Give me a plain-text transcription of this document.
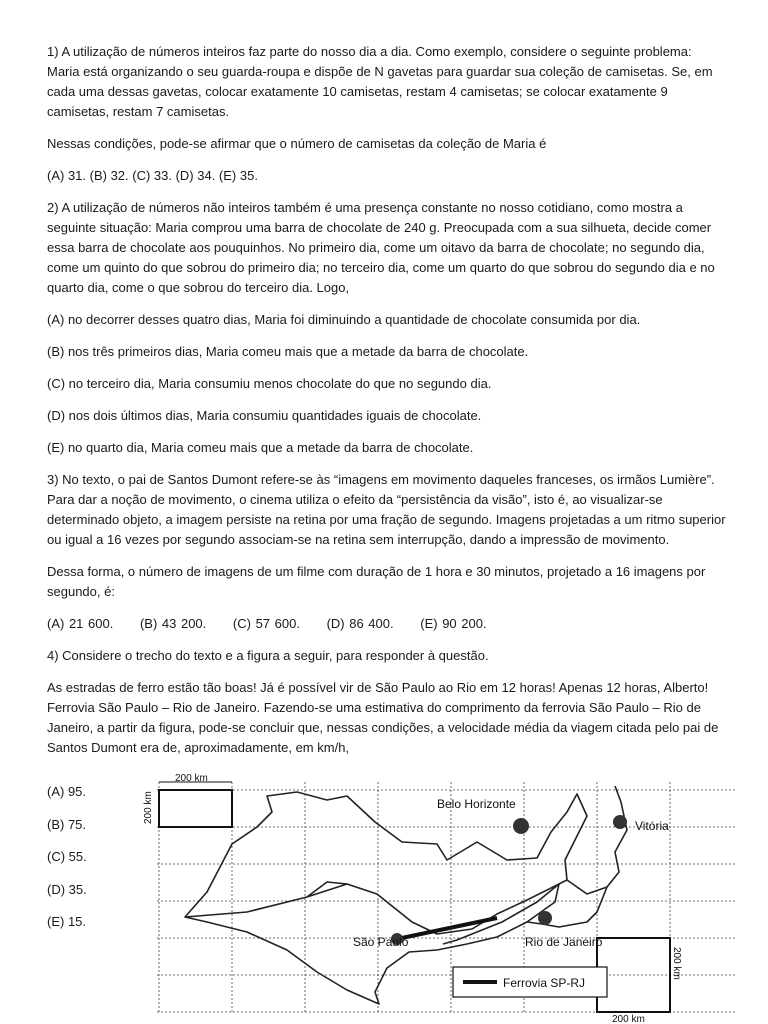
1) A utilização de números inteiros faz parte do nosso dia a dia. Como exemplo, considere o seguinte problema: Maria está organizando o seu guarda-roupa e dispõe de N gavetas para guardar sua coleção de camisetas. Se, em cada uma dessas gavetas, colocar exatamente 10 camisetas, restam 4 camisetas; se colocar exatamente 9 camisetas, restam 7 camisetas.

Nessas condições, pode-se afirmar que o número de camisetas da coleção de Maria é

(A) 31. (B) 32. (C) 33. (D) 34. (E) 35.

2) A utilização de números não inteiros também é uma presença constante no nosso cotidiano, como mostra a seguinte situação: Maria comprou uma barra de chocolate de 240 g. Preocupada com a sua silhueta, decide comer essa barra de chocolate aos pouquinhos. No primeiro dia, come um oitavo da barra de chocolate; no segundo dia, come um quinto do que sobrou do primeiro dia; no terceiro dia, come um quarto do que sobrou do segundo dia e no quarto dia, come o que sobrou do terceiro dia. Logo,

(A) no decorrer desses quatro dias, Maria foi diminuindo a quantidade de chocolate consumida por dia.

(B) nos três primeiros dias, Maria comeu mais que a metade da barra de chocolate.

(C) no terceiro dia, Maria consumiu menos chocolate do que no segundo dia.

(D) nos dois últimos dias, Maria consumiu quantidades iguais de chocolate.

(E) no quarto dia, Maria comeu mais que a metade da barra de chocolate.

3) No texto, o pai de Santos Dumont refere-se às “imagens em movimento daqueles franceses, os irmãos Lumière”. Para dar a noção de movimento, o cinema utiliza o efeito da “persistência da visão”, isto é, ao visualizar-se determinado objeto, a imagem persiste na retina por uma fração de segundo. Imagens projetadas a um ritmo superior ou igual a 16 vezes por segundo associam-se na retina sem interrupção, dando a impressão de movimento.

Dessa forma, o número de imagens de um filme com duração de 1 hora e 30 minutos, projetado a 16 imagens por segundo, é:

(A) 21 600. (B) 43 200. (C) 57 600. (D) 86 400. (E) 90 200.

4) Considere o trecho do texto e a figura a seguir, para responder à questão.

As estradas de ferro estão tão boas! Já é possível vir de São Paulo ao Rio em 12 horas! Apenas 12 horas, Alberto! Ferrovia São Paulo – Rio de Janeiro. Fazendo-se uma estimativa do comprimento da ferrovia São Paulo – Rio de Janeiro, a partir da figura, pode-se concluir que, nessas condições, a velocidade média da viagem citada pelo pai de Santos Dumont era de, aproximadamente, em km/h,

(A) 95.
(B) 75.
(C) 55.
(D) 35.
(E) 15.
200 km
200 km
200 km
200 km
Belo Horizonte
Vitória
São Paulo	Rio de Janeiro
Ferrovia SP-RJ
